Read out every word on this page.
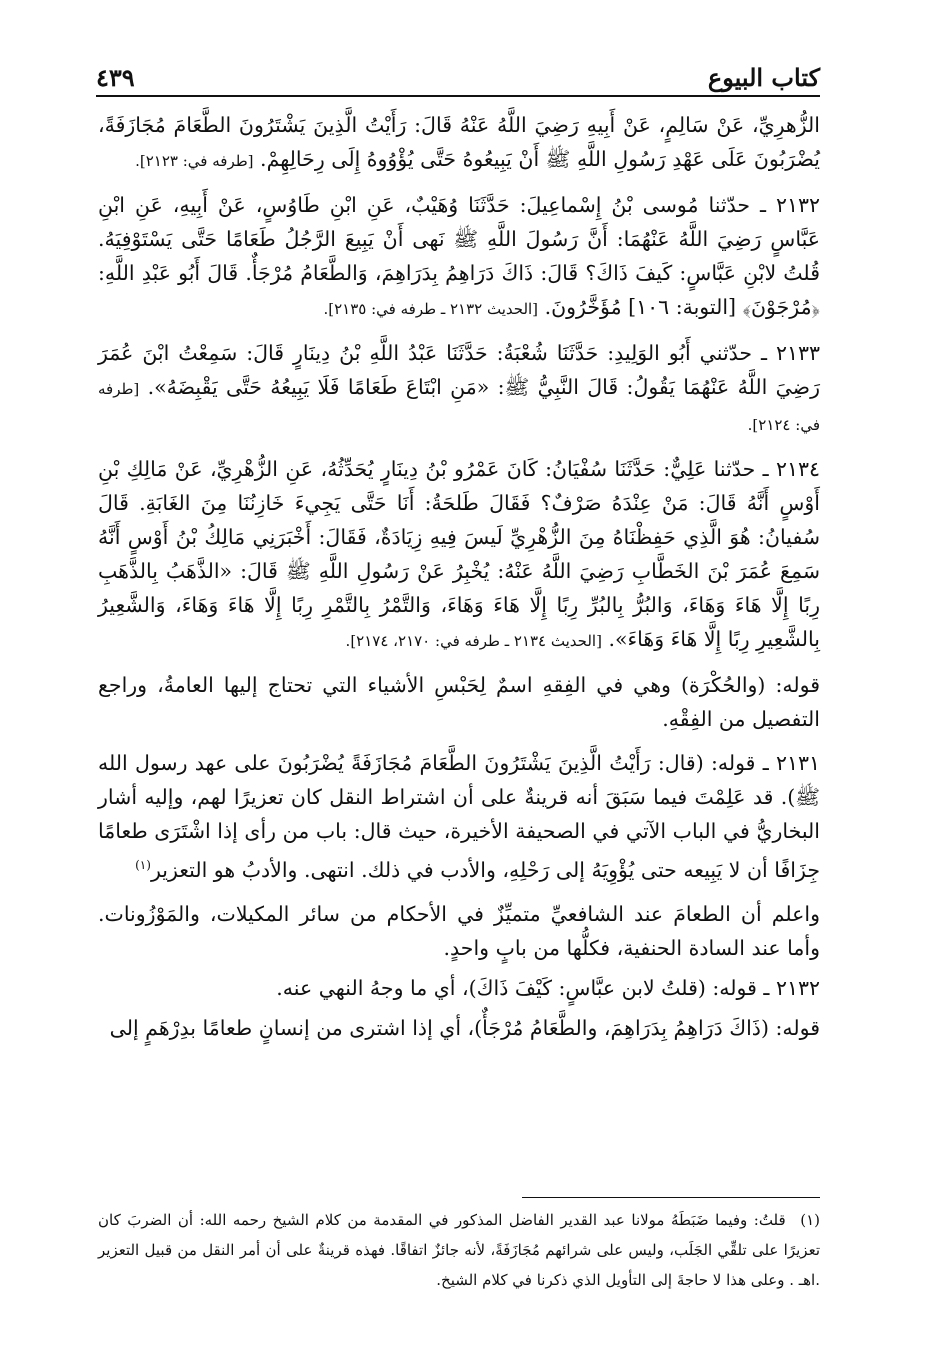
كتاب البيوع
٤٣٩

الزُّهرِيِّ، عَنْ سَالِمٍ، عَنْ أَبِيهِ رَضِيَ اللَّهُ عَنْهُ قَالَ: رَأَيْتُ الَّذِينَ يَشْتَرُونَ الطَّعَامَ مُجَازَفَةً، يُضْرَبُونَ عَلَى عَهْدِ رَسُولِ اللَّهِ ﷺ أَنْ يَبِيعُوهُ حَتَّى يُؤْوُوهُ إِلَى رِحَالِهِمْ. [طرفه في: ٢١٢٣].

٢١٣٢ ـ حدّثنا مُوسى بْنُ إِسْماعِيلَ: حَدَّثَنَا وُهَيْبٌ، عَنِ ابْنِ طَاوُسٍ، عَنْ أَبِيهِ، عَنِ ابْنِ عَبَّاسٍ رَضِيَ اللَّهُ عَنْهُمَا: أَنَّ رَسُولَ اللَّهِ ﷺ نَهى أَنْ يَبِيعَ الرَّجُلُ طَعَامًا حَتَّى يَسْتَوْفِيَهُ. قُلتُ لابْنِ عَبَّاسٍ: كَيفَ ذَاكَ؟ قَالَ: ذَاكَ دَرَاهِمُ بِدَرَاهِمَ، وَالطَّعَامُ مُرْجَأٌ. قَالَ أَبُو عَبْدِ اللَّهِ: ﴿مُرْجَوْنَ﴾ [التوبة: ١٠٦] مُؤَخَّرُونَ. [الحديث ٢١٣٢ ـ طرفه في: ٢١٣٥].

٢١٣٣ ـ حدّثني أَبُو الوَلِيدِ: حَدَّثَنَا شُعْبَةُ: حَدَّثَنَا عَبْدُ اللَّهِ بْنُ دِينَارٍ قَالَ: سَمِعْتُ ابْنَ عُمَرَ رَضِيَ اللَّهُ عَنْهُمَا يَقُولُ: قَالَ النَّبِيُّ ﷺ: «مَنِ ابْتَاعَ طَعَامًا فَلَا يَبِيعُهُ حَتَّى يَقْبِضَهُ». [طرفه في: ٢١٢٤].

٢١٣٤ ـ حدّثنا عَلِيٌّ: حَدَّثَنَا سُفْيَانُ: كَانَ عَمْرُو بْنُ دِينَارٍ يُحَدِّثُهُ، عَنِ الزُّهْرِيِّ، عَنْ مَالِكِ بْنِ أَوْسٍ أَنَّهُ قَالَ: مَنْ عِنْدَهُ صَرْفٌ؟ فَقَالَ طَلحَةُ: أَنَا حَتَّى يَجِيءَ خَازِنُنَا مِنَ الغَابَةِ. قَالَ سُفيانُ: هُوَ الَّذِي حَفِظْنَاهُ مِنَ الزُّهْرِيِّ لَيسَ فِيهِ زِيَادَةٌ، فَقَالَ: أَخْبَرَنِي مَالِكُ بْنُ أَوْسٍ أَنَّهُ سَمِعَ عُمَرَ بْنَ الخَطَّابِ رَضِيَ اللَّهُ عَنْهُ: يُخْبِرُ عَنْ رَسُولِ اللَّهِ ﷺ قَالَ: «الذَّهَبُ بِالذَّهَبِ رِبًا إِلَّا هَاءَ وَهَاءَ، وَالبُرُّ بِالبُرِّ رِبًا إِلَّا هَاءَ وَهَاءَ، وَالتَّمْرُ بِالتَّمْرِ رِبًا إِلَّا هَاءَ وَهَاءَ، وَالشَّعِيرُ بِالشَّعِيرِ رِبًا إِلَّا هَاءَ وَهَاءَ». [الحديث ٢١٣٤ ـ طرفه في: ٢١٧٠، ٢١٧٤].

قوله: (والحُكْرَة) وهي في الفِقهِ اسمٌ لِحَبْسِ الأشياء التي تحتاج إليها العامةُ، وراجع التفصيل من الفِقْهِ.

٢١٣١ ـ قوله: (قال: رَأَيْتُ الَّذِينَ يَشْتَرُونَ الطَّعَامَ مُجَازَفَةً يُضْرَبُونَ على عهد رسول الله ﷺ). قد عَلِمْتَ فيما سَبَقَ أنه قرينةٌ على أن اشتراط النقل كان تعزيرًا لهم، وإليه أشار البخاريُّ في الباب الآتي في الصحيفة الأخيرة، حيث قال: باب من رأى إذا اشْتَرَى طعامًا جِزَافًا أن لا يَبِيعه حتى يُؤْوِيَهُ إلى رَحْلِهِ، والأدب في ذلك. انتهى. والأدبُ هو التعزير$^{(١)}$

واعلم أن الطعامَ عند الشافعيِّ متميِّزٌ في الأحكام من سائر المكيلات، والمَوْزُونات. وأما عند السادة الحنفية، فكلُّها من بابٍ واحدٍ.

٢١٣٢ ـ قوله: (قلتُ لابن عبَّاسٍ: كَيْفَ ذَاكَ)، أي ما وجهُ النهي عنه.

قوله: (ذَاكَ دَرَاهِمُ بِدَرَاهِمَ، والطَّعَامُ مُرْجَأٌ)، أي إذا اشترى من إنسانٍ طعامًا بدِرْهَمٍ إلى

(١) قلتُ: وفيما ضَبَطَهُ مولانا عبد القدير الفاضل المذكور في المقدمة من كلام الشيخ رحمه الله: أن الضربَ كان تعزيرًا على تلقِّي الجَلَب، وليس على شرائهم مُجَازَفَةً، لأنه جائزٌ اتفاقًا. فهذه قرينةٌ على أن أمر النقل من قبيل التعزير .اهـ . وعلى هذا لا حاجةَ إلى التأويل الذي ذكرنا في كلام الشيخ.
